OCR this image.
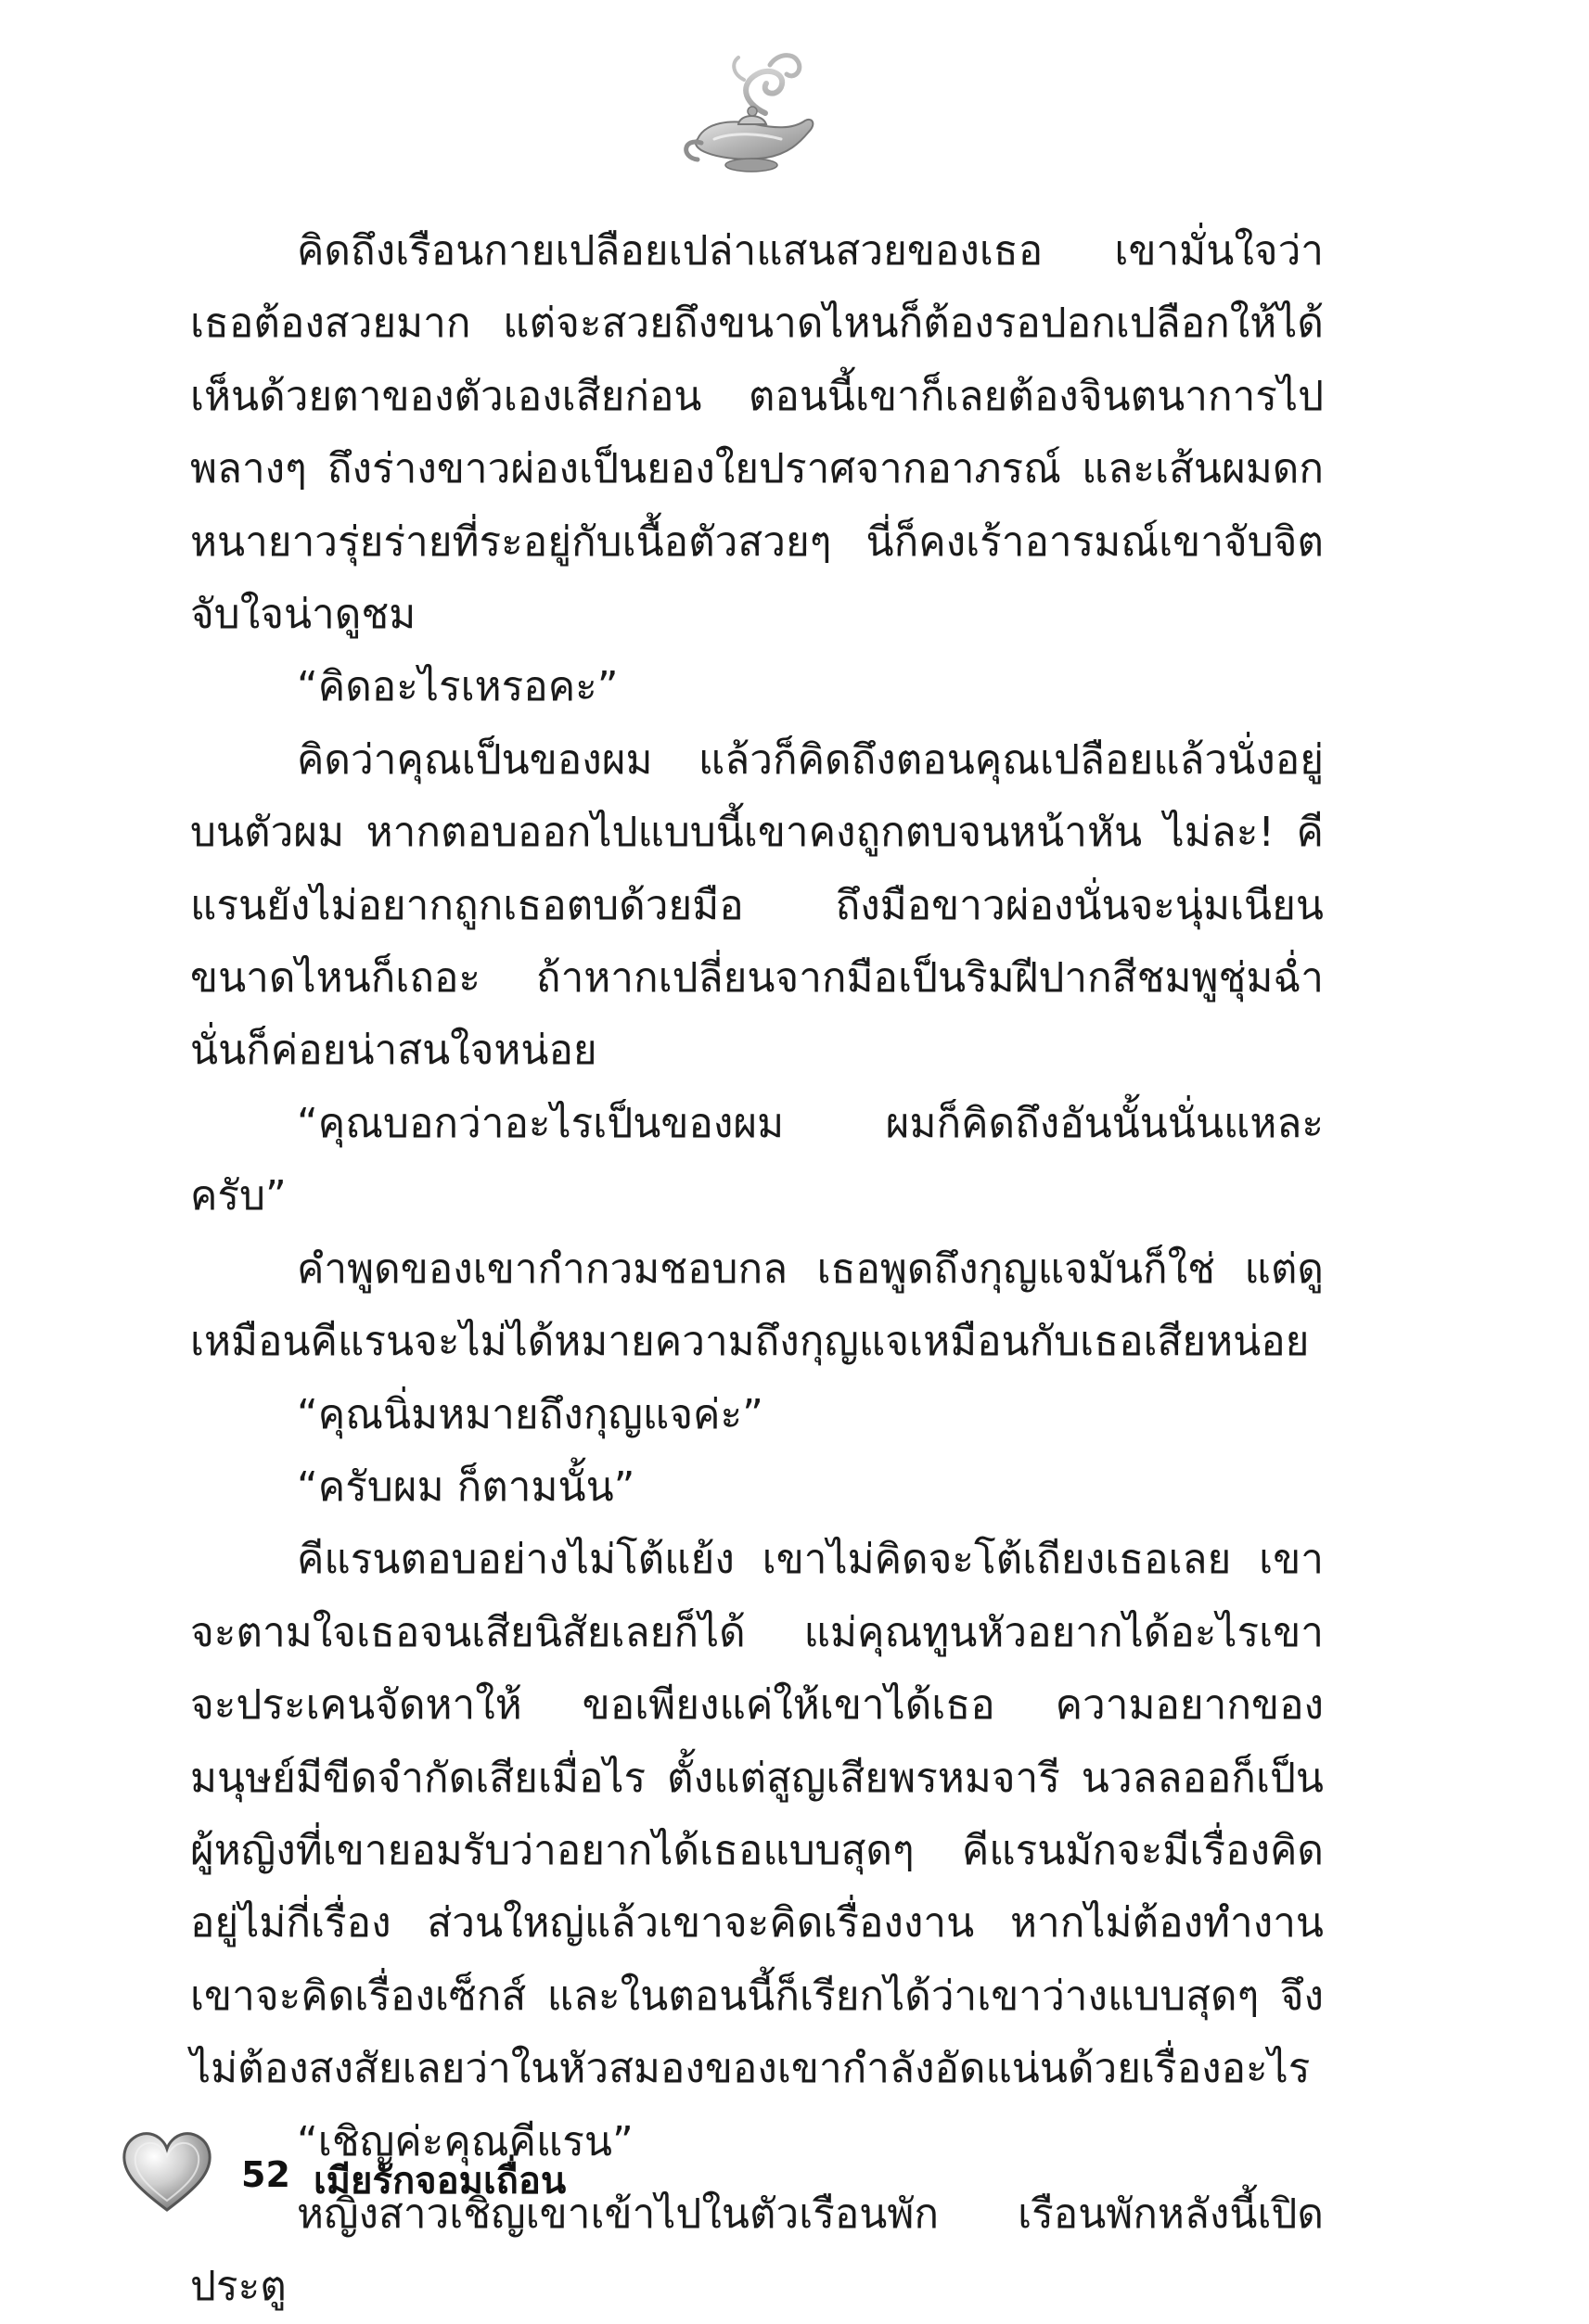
คิดถึงเรือนกายเปลือยเปล่าแสนสวยของเธอ เขามั่นใจว่าเธอต้องสวยมาก แต่จะสวยถึงขนาดไหนก็ต้องรอปอกเปลือกให้ได้เห็นด้วยตาของตัวเองเสียก่อน ตอนนี้เขาก็เลยต้องจินตนาการไปพลางๆ ถึงร่างขาวผ่องเป็นยองใยปราศจากอาภรณ์ และเส้นผมดกหนายาวรุ่ยร่ายที่ระอยู่กับเนื้อตัวสวยๆ นี่ก็คงเร้าอารมณ์เขาจับจิตจับใจน่าดูชม

“คิดอะไรเหรอคะ”

คิดว่าคุณเป็นของผม แล้วก็คิดถึงตอนคุณเปลือยแล้วนั่งอยู่บนตัวผม หากตอบออกไปแบบนี้เขาคงถูกตบจนหน้าหัน ไม่ละ! คีแรนยังไม่อยากถูกเธอตบด้วยมือ ถึงมือขาวผ่องนั่นจะนุ่มเนียนขนาดไหนก็เถอะ ถ้าหากเปลี่ยนจากมือเป็นริมฝีปากสีชมพูชุ่มฉ่ำนั่นก็ค่อยน่าสนใจหน่อย

“คุณบอกว่าอะไรเป็นของผม ผมก็คิดถึงอันนั้นนั่นแหละครับ”

คำพูดของเขากำกวมชอบกล เธอพูดถึงกุญแจมันก็ใช่ แต่ดูเหมือนคีแรนจะไม่ได้หมายความถึงกุญแจเหมือนกับเธอเสียหน่อย

“คุณนิ่มหมายถึงกุญแจค่ะ”

“ครับผม ก็ตามนั้น”

คีแรนตอบอย่างไม่โต้แย้ง เขาไม่คิดจะโต้เถียงเธอเลย เขาจะตามใจเธอจนเสียนิสัยเลยก็ได้ แม่คุณทูนหัวอยากได้อะไรเขาจะประเคนจัดหาให้ ขอเพียงแค่ให้เขาได้เธอ ความอยากของมนุษย์มีขีดจำกัดเสียเมื่อไร ตั้งแต่สูญเสียพรหมจารี นวลลออก็เป็นผู้หญิงที่เขายอมรับว่าอยากได้เธอแบบสุดๆ คีแรนมักจะมีเรื่องคิดอยู่ไม่กี่เรื่อง ส่วนใหญ่แล้วเขาจะคิดเรื่องงาน หากไม่ต้องทำงานเขาจะคิดเรื่องเซ็กส์ และในตอนนี้ก็เรียกได้ว่าเขาว่างแบบสุดๆ จึงไม่ต้องสงสัยเลยว่าในหัวสมองของเขากำลังอัดแน่นด้วยเรื่องอะไร

“เชิญค่ะคุณคีแรน”

หญิงสาวเชิญเขาเข้าไปในตัวเรือนพัก เรือนพักหลังนี้เปิดประตู

52 เมียรักจอมเถื่อน
